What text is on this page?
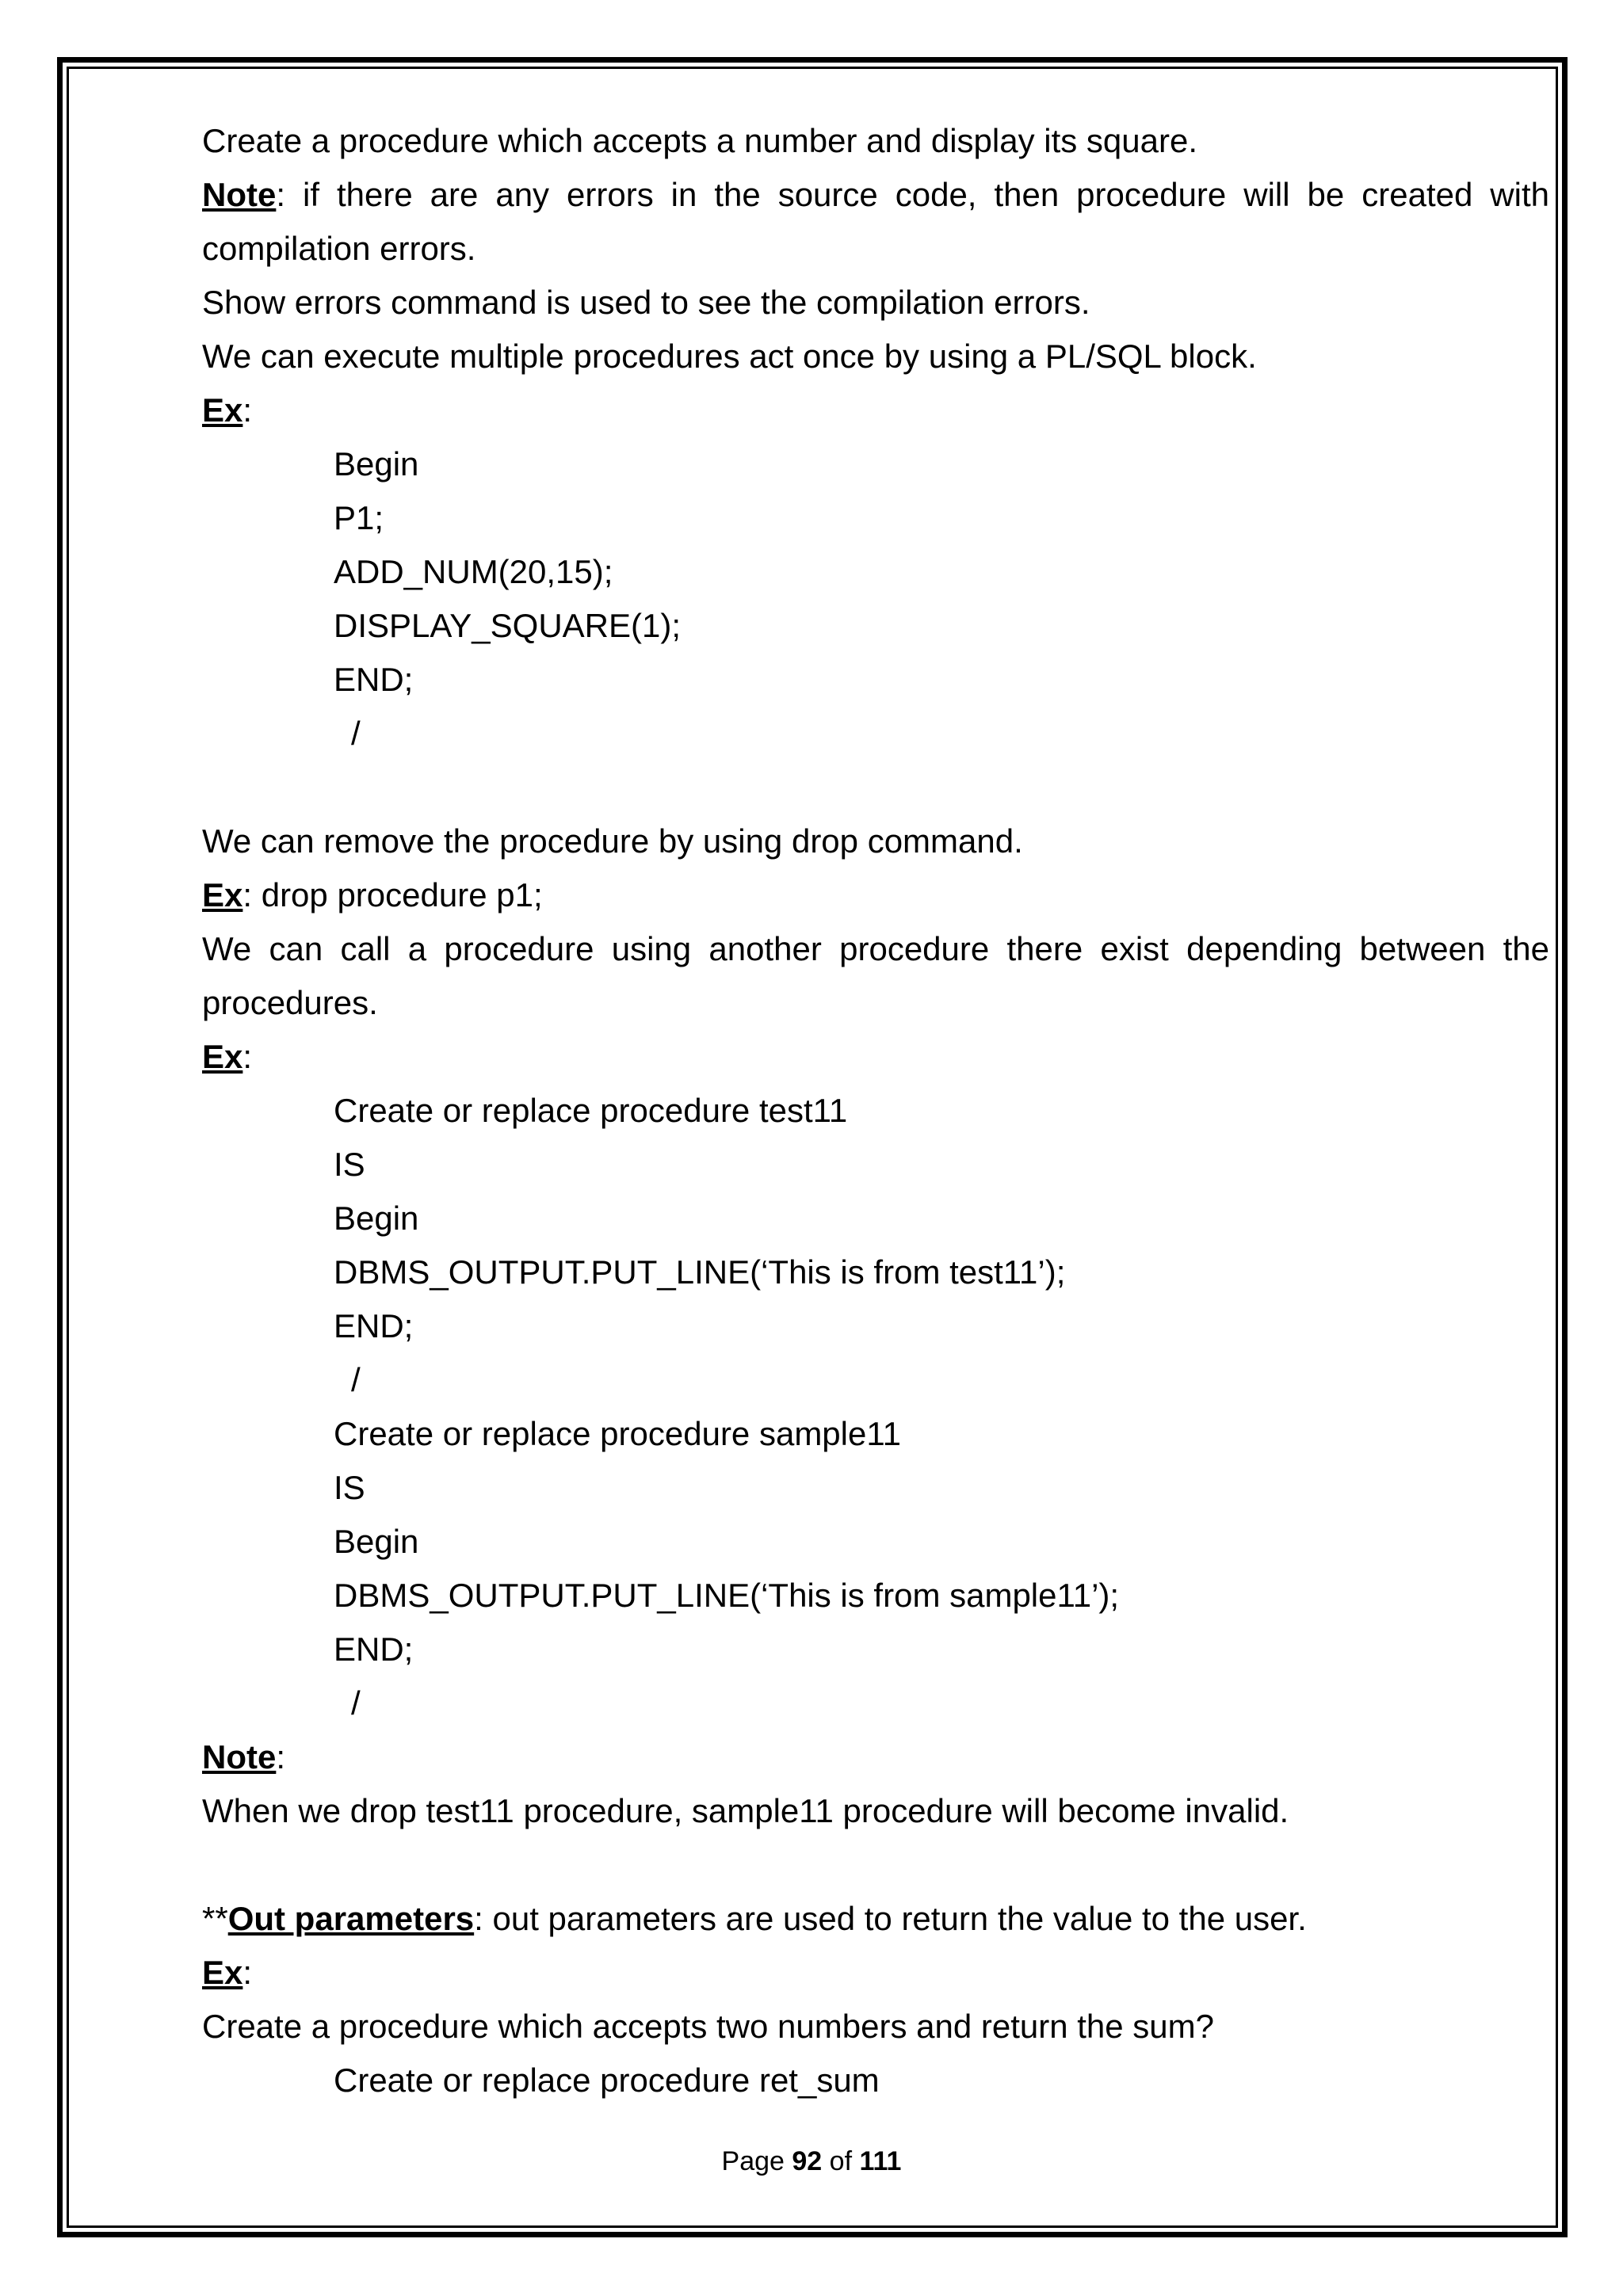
Create a procedure which accepts a number and display its square.
Note: if there are any errors in the source code, then procedure will be created with
compilation errors.
Show errors command is used to see the compilation errors.
We can execute multiple procedures act once by using a PL/SQL block.
Ex:
Begin
P1;
ADD_NUM(20,15);
DISPLAY_SQUARE(1);
END;
/
We can remove the procedure by using drop command.
Ex: drop procedure p1;
We can call a procedure using another procedure there exist depending between the
procedures.
Ex:
Create or replace procedure test11
IS
Begin
DBMS_OUTPUT.PUT_LINE(‘This is from test11’);
END;
/
Create or replace procedure sample11
IS
Begin
DBMS_OUTPUT.PUT_LINE(‘This is from sample11’);
END;
/
Note:
When we drop test11 procedure, sample11 procedure will become invalid.
**Out parameters: out parameters are used to return the value to the user.
Ex:
Create a procedure which accepts two numbers and return the sum?
Create or replace procedure ret_sum
Page 92 of 111
